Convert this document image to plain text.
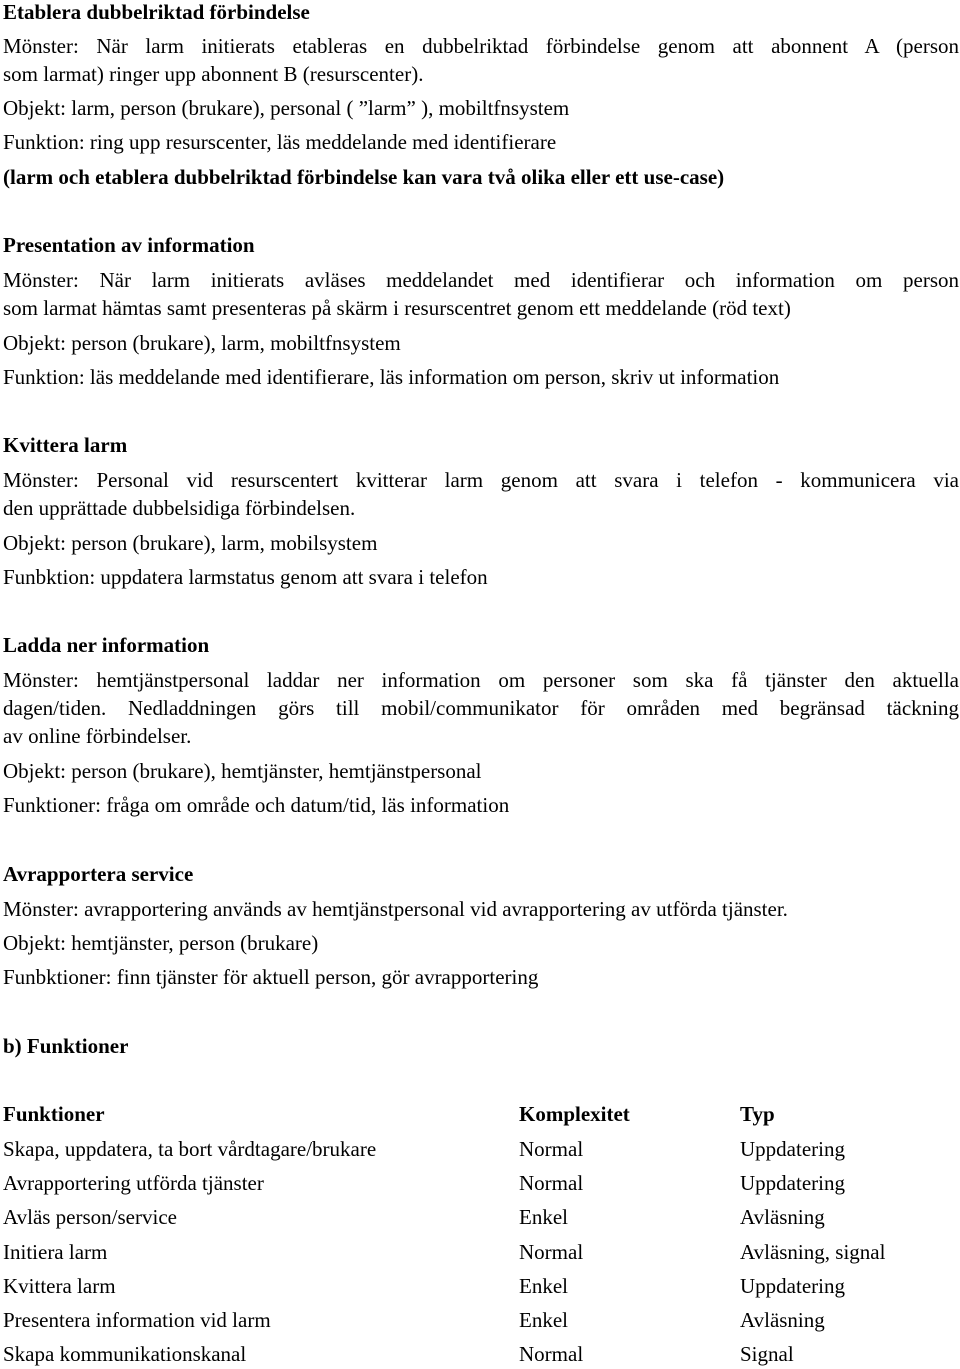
Etablera dubbelriktad förbindelse
Mönster: När larm initierats etableras en dubbelriktad förbindelse genom att abonnent A (person
som larmat) ringer upp abonnent B (resurscenter).
Objekt: larm, person (brukare), personal ( ”larm” ), mobiltfnsystem
Funktion: ring upp resurscenter, läs meddelande med identifierare
(larm och etablera dubbelriktad förbindelse kan vara två olika eller ett use-case)
Presentation av information
Mönster: När larm initierats avläses meddelandet med identifierar och information om person
som larmat hämtas samt presenteras på skärm i resurscentret genom ett meddelande (röd text)
Objekt: person (brukare), larm, mobiltfnsystem
Funktion: läs meddelande med identifierare, läs information om person, skriv ut information
Kvittera larm
Mönster: Personal vid resurscentert kvitterar larm genom att svara i telefon - kommunicera via
den upprättade dubbelsidiga förbindelsen.
Objekt: person (brukare), larm, mobilsystem
Funbktion: uppdatera larmstatus genom att svara i telefon
Ladda ner information
Mönster: hemtjänstpersonal laddar ner information om personer som ska få tjänster den aktuella
dagen/tiden. Nedladdningen görs till mobil/communikator för områden med begränsad täckning
av online förbindelser.
Objekt: person (brukare), hemtjänster, hemtjänstpersonal
Funktioner: fråga om område och datum/tid, läs information
Avrapportera service
Mönster: avrapportering används av hemtjänstpersonal vid avrapportering av utförda tjänster.
Objekt: hemtjänster, person (brukare)
Funbktioner: finn tjänster för aktuell person, gör avrapportering
b) Funktioner
Funktioner	Komplexitet	Typ
Skapa, uppdatera, ta bort vårdtagare/brukare	Normal	Uppdatering
Avrapportering utförda tjänster	Normal	Uppdatering
Avläs person/service	Enkel	Avläsning
Initiera larm	Normal	Avläsning, signal
Kvittera larm	Enkel	Uppdatering
Presentera information vid larm	Enkel	Avläsning
Skapa kommunikationskanal	Normal	Signal
